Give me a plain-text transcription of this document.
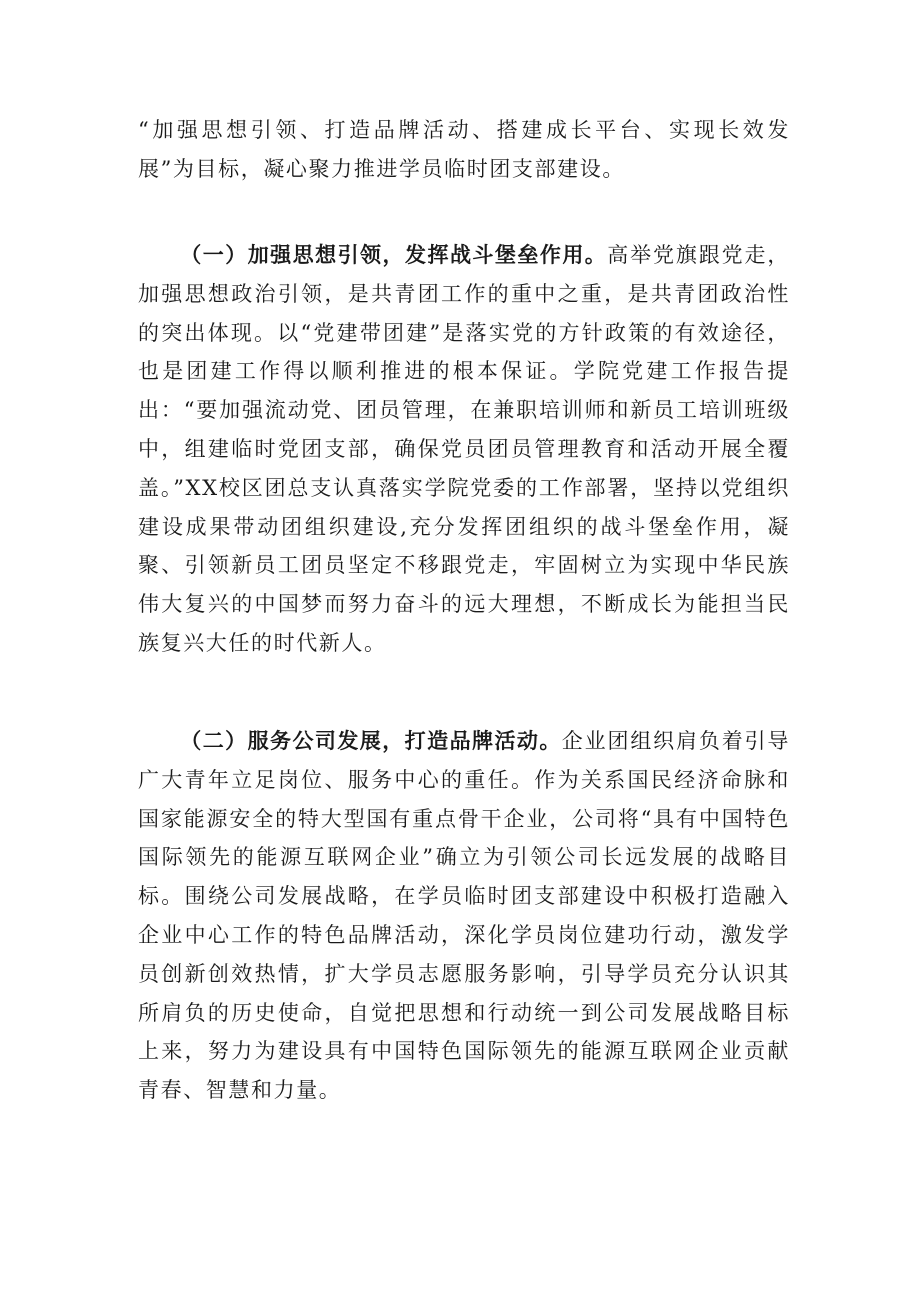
“加强思想引领、打造品牌活动、搭建成长平台、实现长效发展”为目标，凝心聚力推进学员临时团支部建设。

（一）加强思想引领，发挥战斗堡垒作用。高举党旗跟党走，加强思想政治引领，是共青团工作的重中之重，是共青团政治性的突出体现。以“党建带团建”是落实党的方针政策的有效途径，也是团建工作得以顺利推进的根本保证。学院党建工作报告提出：“要加强流动党、团员管理，在兼职培训师和新员工培训班级中，组建临时党团支部，确保党员团员管理教育和活动开展全覆盖。”XX校区团总支认真落实学院党委的工作部署，坚持以党组织建设成果带动团组织建设,充分发挥团组织的战斗堡垒作用，凝聚、引领新员工团员坚定不移跟党走，牢固树立为实现中华民族伟大复兴的中国梦而努力奋斗的远大理想，不断成长为能担当民族复兴大任的时代新人。

（二）服务公司发展，打造品牌活动。企业团组织肩负着引导广大青年立足岗位、服务中心的重任。作为关系国民经济命脉和国家能源安全的特大型国有重点骨干企业，公司将“具有中国特色国际领先的能源互联网企业”确立为引领公司长远发展的战略目标。围绕公司发展战略，在学员临时团支部建设中积极打造融入企业中心工作的特色品牌活动，深化学员岗位建功行动，激发学员创新创效热情，扩大学员志愿服务影响，引导学员充分认识其所肩负的历史使命，自觉把思想和行动统一到公司发展战略目标上来，努力为建设具有中国特色国际领先的能源互联网企业贡献青春、智慧和力量。
